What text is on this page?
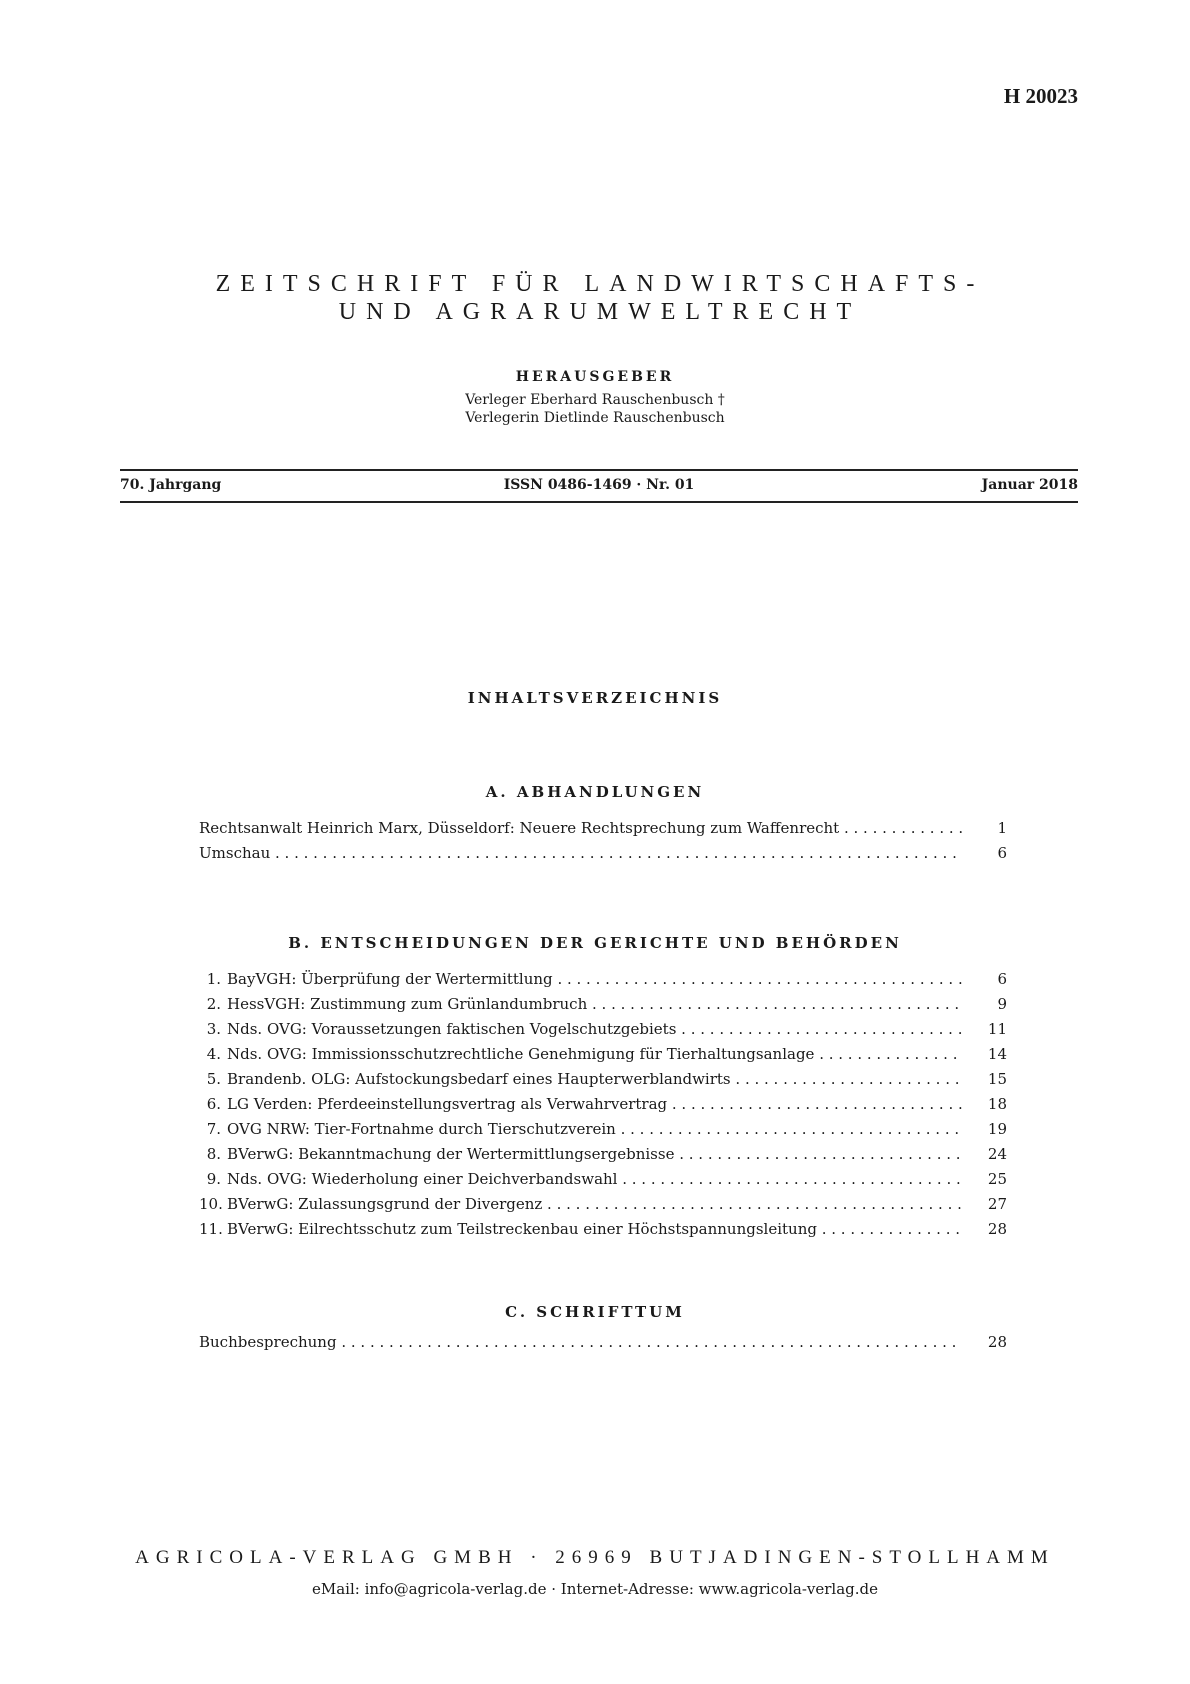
H 20023
ZEITSCHRIFT FÜR LANDWIRTSCHAFTS-
UND AGRARUMWELTRECHT
HERAUSGEBER
Verleger Eberhard Rauschenbusch †
Verlegerin Dietlinde Rauschenbusch
ISSN 0486-1469 · Nr. 01
70. Jahrgang	Januar 2018
INHALTSVERZEICHNIS
A. ABHANDLUNGEN
Rechtsanwalt Heinrich Marx, Düsseldorf: Neuere Rechtsprechung zum Waffenrecht . . .	1
Umschau . . .	6
B. ENTSCHEIDUNGEN DER GERICHTE UND BEHÖRDEN
1. BayVGH: Überprüfung der Wertermittlung . . .	6
2. HessVGH: Zustimmung zum Grünlandumbruch . . .	9
3. Nds. OVG: Voraussetzungen faktischen Vogelschutzgebiets . . .	11
4. Nds. OVG: Immissionsschutzrechtliche Genehmigung für Tierhaltungsanlage . . .	14
5. Brandenb. OLG: Aufstockungsbedarf eines Haupterwerblandwirts . . .	15
6. LG Verden: Pferdeeinstellungsvertrag als Verwahrvertrag . . .	18
7. OVG NRW: Tier-Fortnahme durch Tierschutzverein . . .	19
8. BVerwG: Bekanntmachung der Wertermittlungsergebnisse . . .	24
9. Nds. OVG: Wiederholung einer Deichverbandswahl . . .	25
10. BVerwG: Zulassungsgrund der Divergenz . . .	27
11. BVerwG: Eilrechtsschutz zum Teilstreckenbau einer Höchstspannungsleitung . . .	28
C. SCHRIFTTUM
Buchbesprechung . . .	28
AGRICOLA-VERLAG GMBH · 26969 BUTJADINGEN-STOLLHAMM
eMail: info@agricola-verlag.de · Internet-Adresse: www.agricola-verlag.de
